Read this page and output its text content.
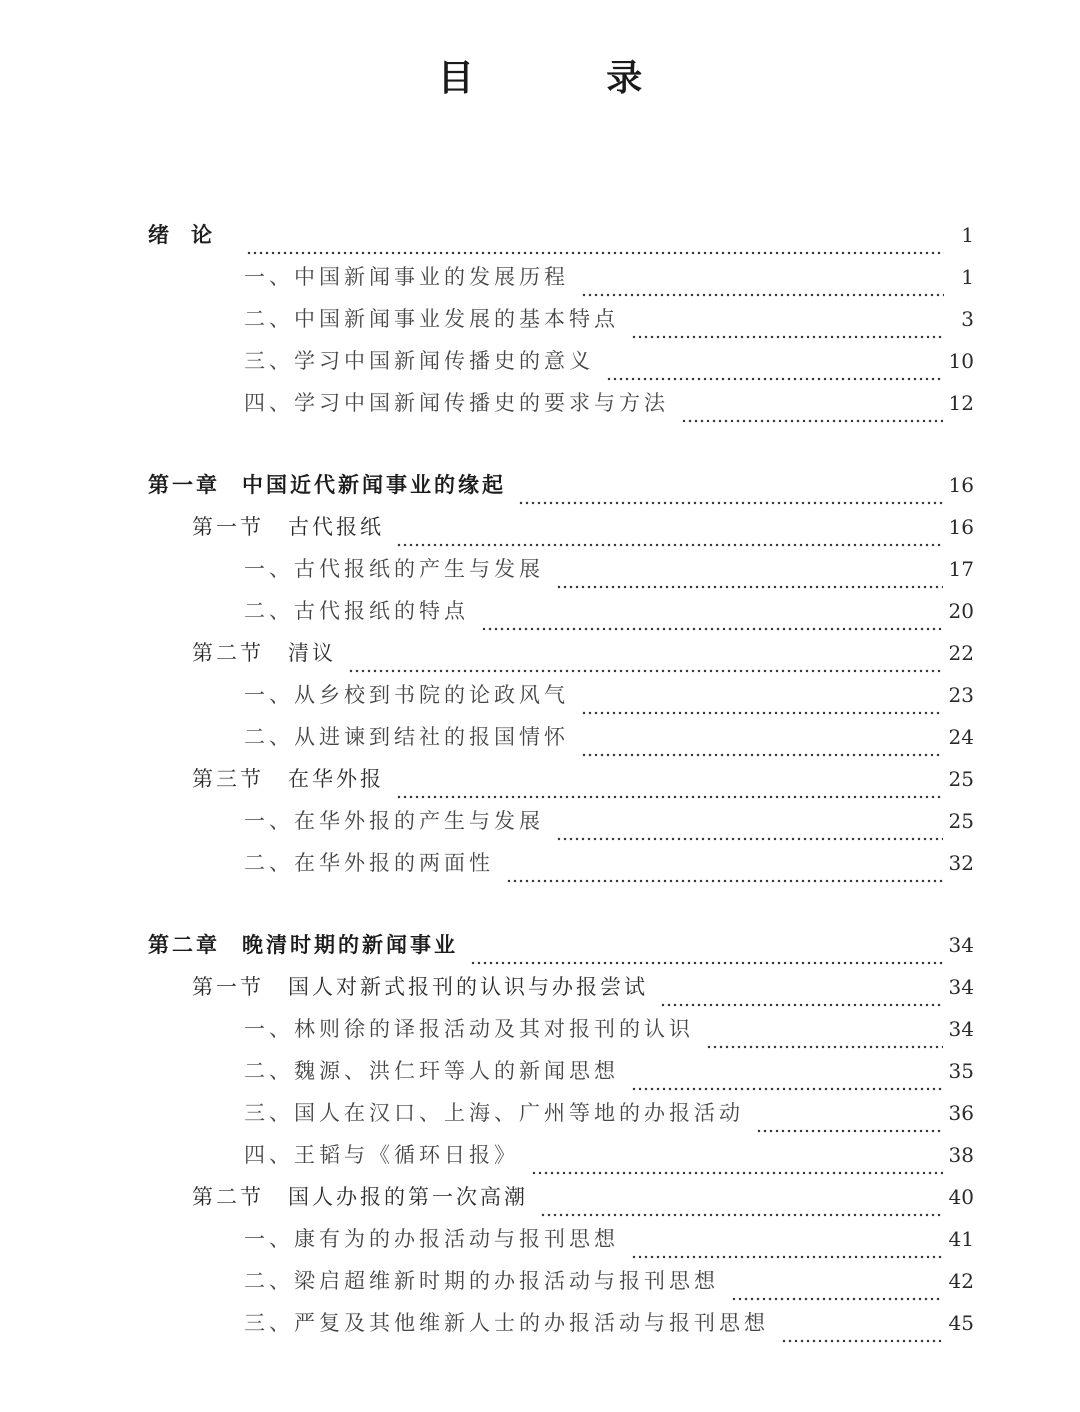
目 录
绪论	1
一、中国新闻事业的发展历程	1
二、中国新闻事业发展的基本特点	3
三、学习中国新闻传播史的意义	10
四、学习中国新闻传播史的要求与方法	12
第一章 中国近代新闻事业的缘起	16
第一节 古代报纸	16
一、古代报纸的产生与发展	17
二、古代报纸的特点	20
第二节 清议	22
一、从乡校到书院的论政风气	23
二、从进谏到结社的报国情怀	24
第三节 在华外报	25
一、在华外报的产生与发展	25
二、在华外报的两面性	32
第二章 晚清时期的新闻事业	34
第一节 国人对新式报刊的认识与办报尝试	34
一、林则徐的译报活动及其对报刊的认识	34
二、魏源、洪仁玕等人的新闻思想	35
三、国人在汉口、上海、广州等地的办报活动	36
四、王韬与《循环日报》	38
第二节 国人办报的第一次高潮	40
一、康有为的办报活动与报刊思想	41
二、梁启超维新时期的办报活动与报刊思想	42
三、严复及其他维新人士的办报活动与报刊思想	45
